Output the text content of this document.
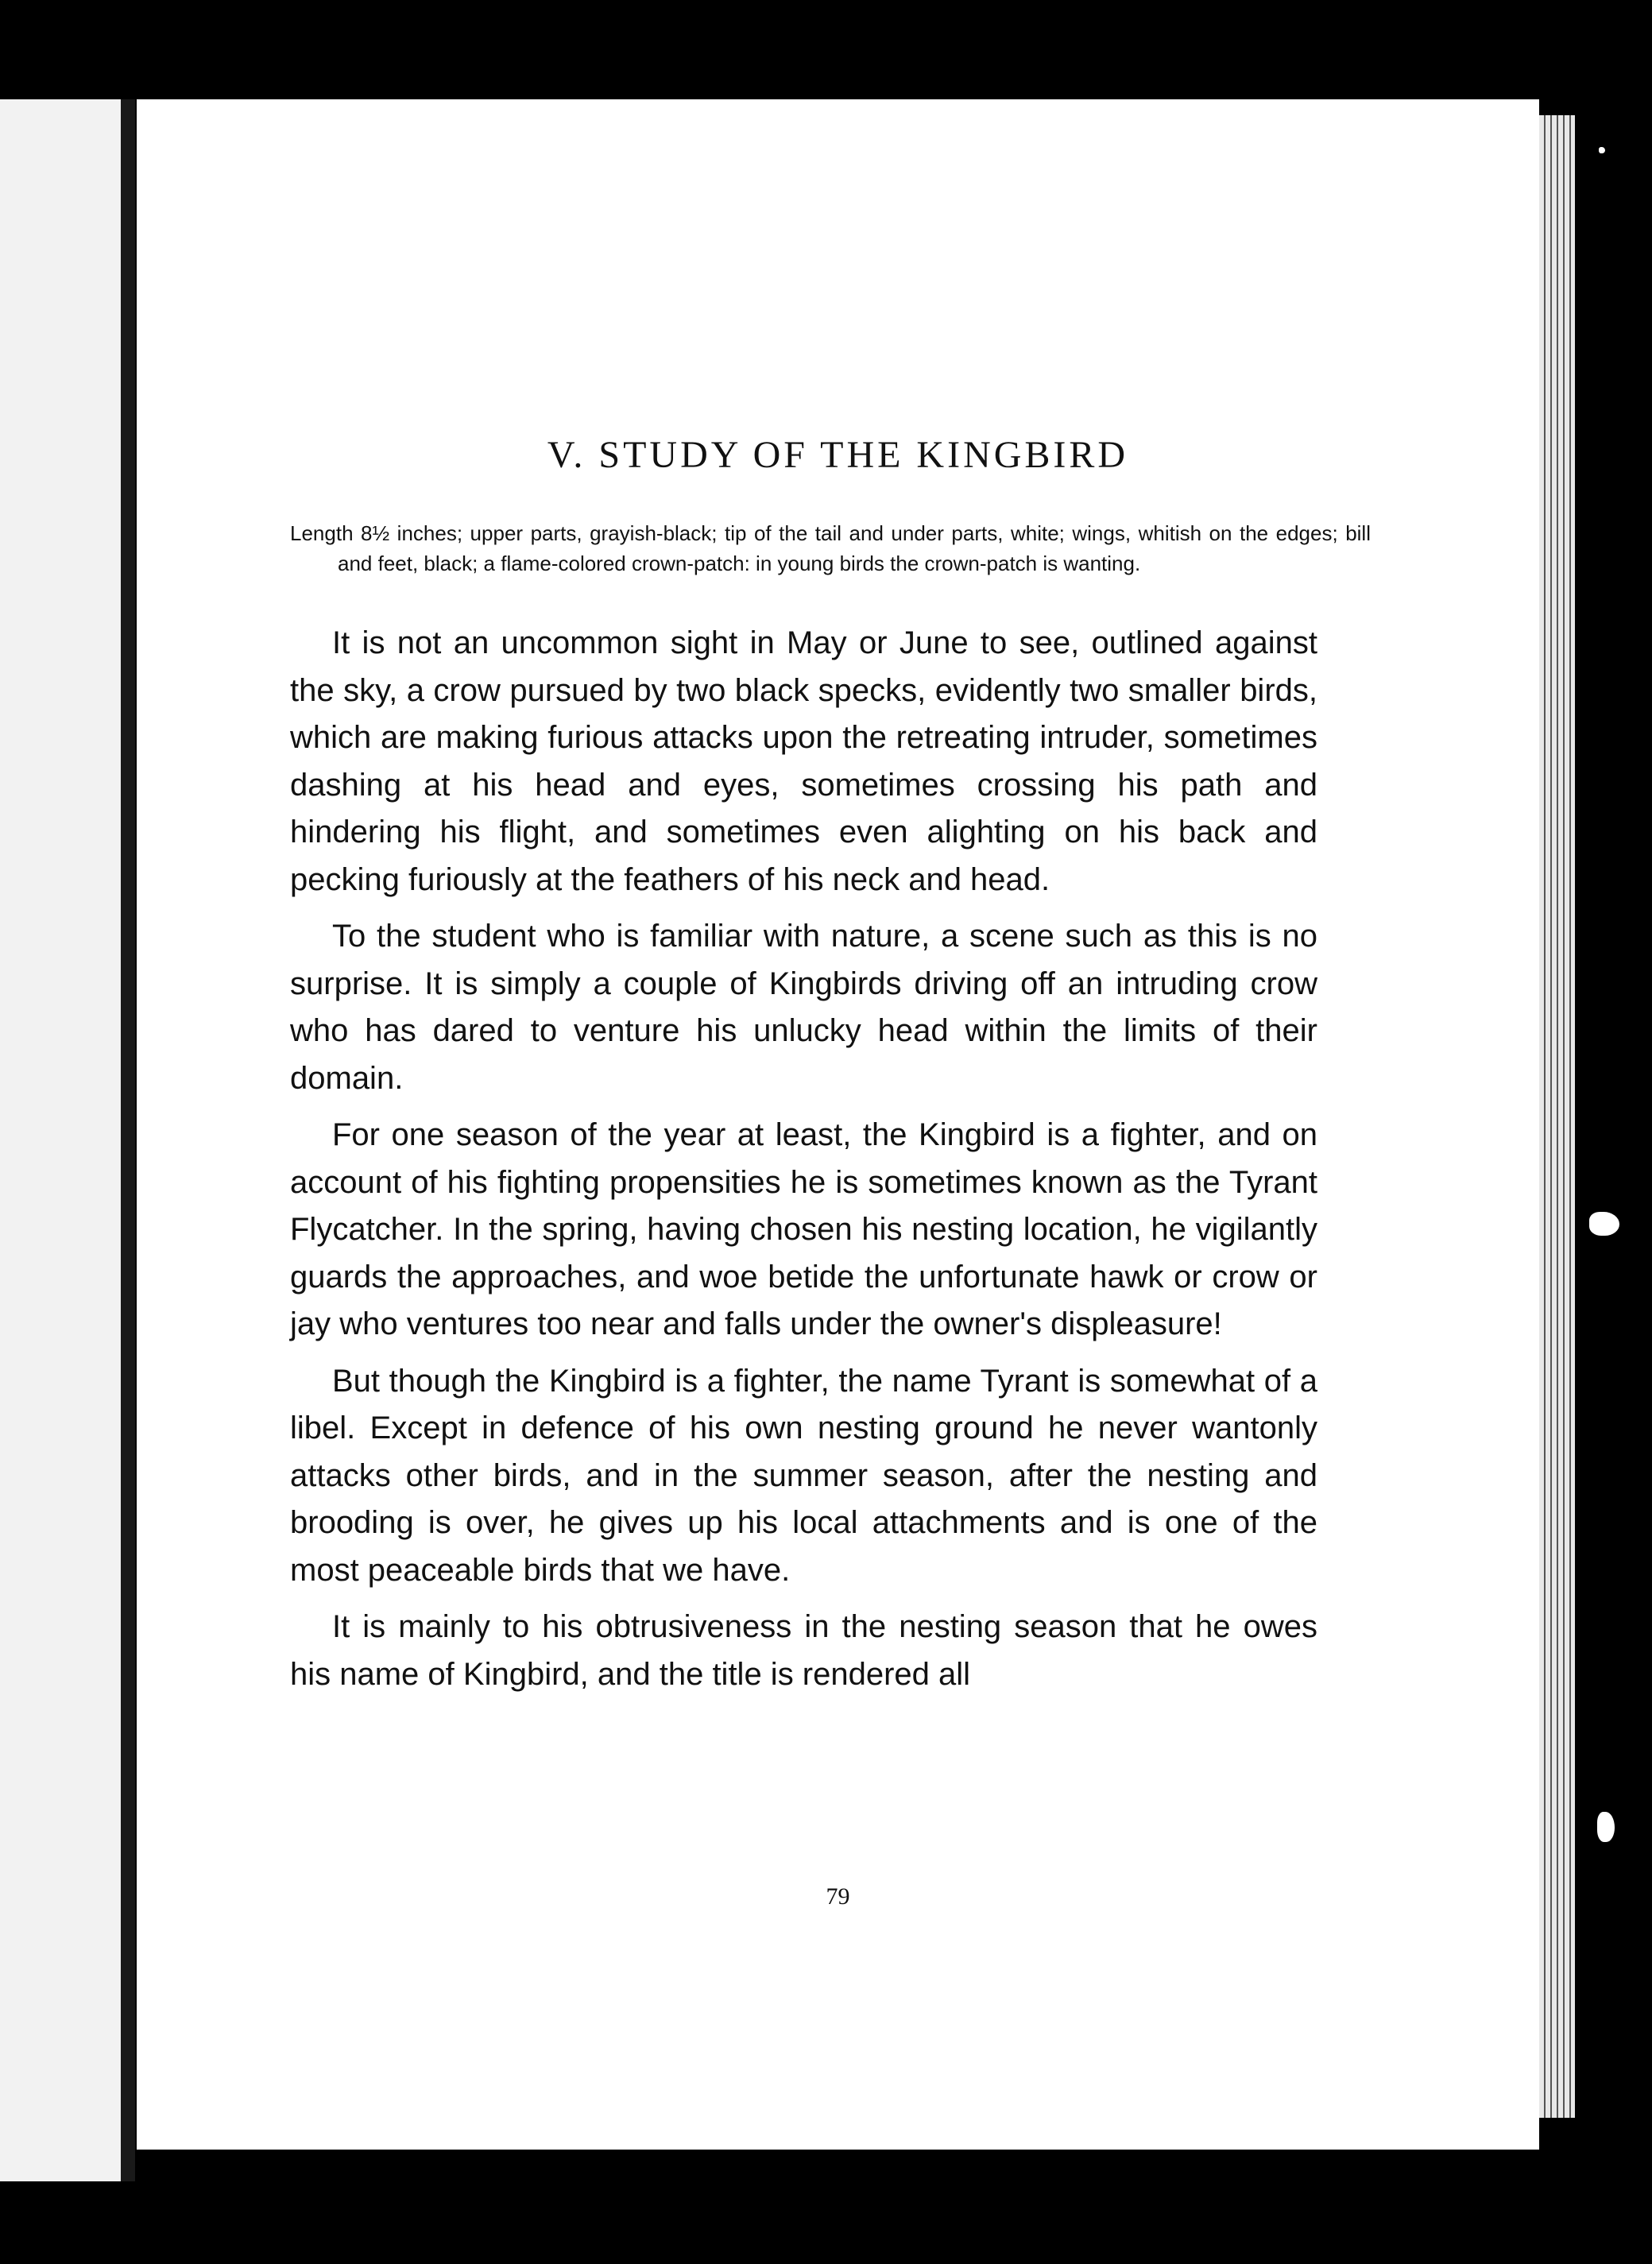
V. STUDY OF THE KINGBIRD

Length 8½ inches; upper parts, grayish-black; tip of the tail and under parts, white; wings, whitish on the edges; bill and feet, black; a flame-colored crown-patch: in young birds the crown-patch is wanting.

It is not an uncommon sight in May or June to see, outlined against the sky, a crow pursued by two black specks, evidently two smaller birds, which are making furious attacks upon the retreating intruder, sometimes dashing at his head and eyes, sometimes crossing his path and hindering his flight, and sometimes even alighting on his back and pecking furiously at the feathers of his neck and head.

To the student who is familiar with nature, a scene such as this is no surprise. It is simply a couple of Kingbirds driving off an intruding crow who has dared to venture his unlucky head within the limits of their domain.

For one season of the year at least, the Kingbird is a fighter, and on account of his fighting propensities he is sometimes known as the Tyrant Flycatcher. In the spring, having chosen his nesting location, he vigilantly guards the approaches, and woe betide the unfortunate hawk or crow or jay who ventures too near and falls under the owner's displeasure!

But though the Kingbird is a fighter, the name Tyrant is somewhat of a libel. Except in defence of his own nesting ground he never wantonly attacks other birds, and in the summer season, after the nesting and brooding is over, he gives up his local attachments and is one of the most peaceable birds that we have.

It is mainly to his obtrusiveness in the nesting season that he owes his name of Kingbird, and the title is rendered all

79
